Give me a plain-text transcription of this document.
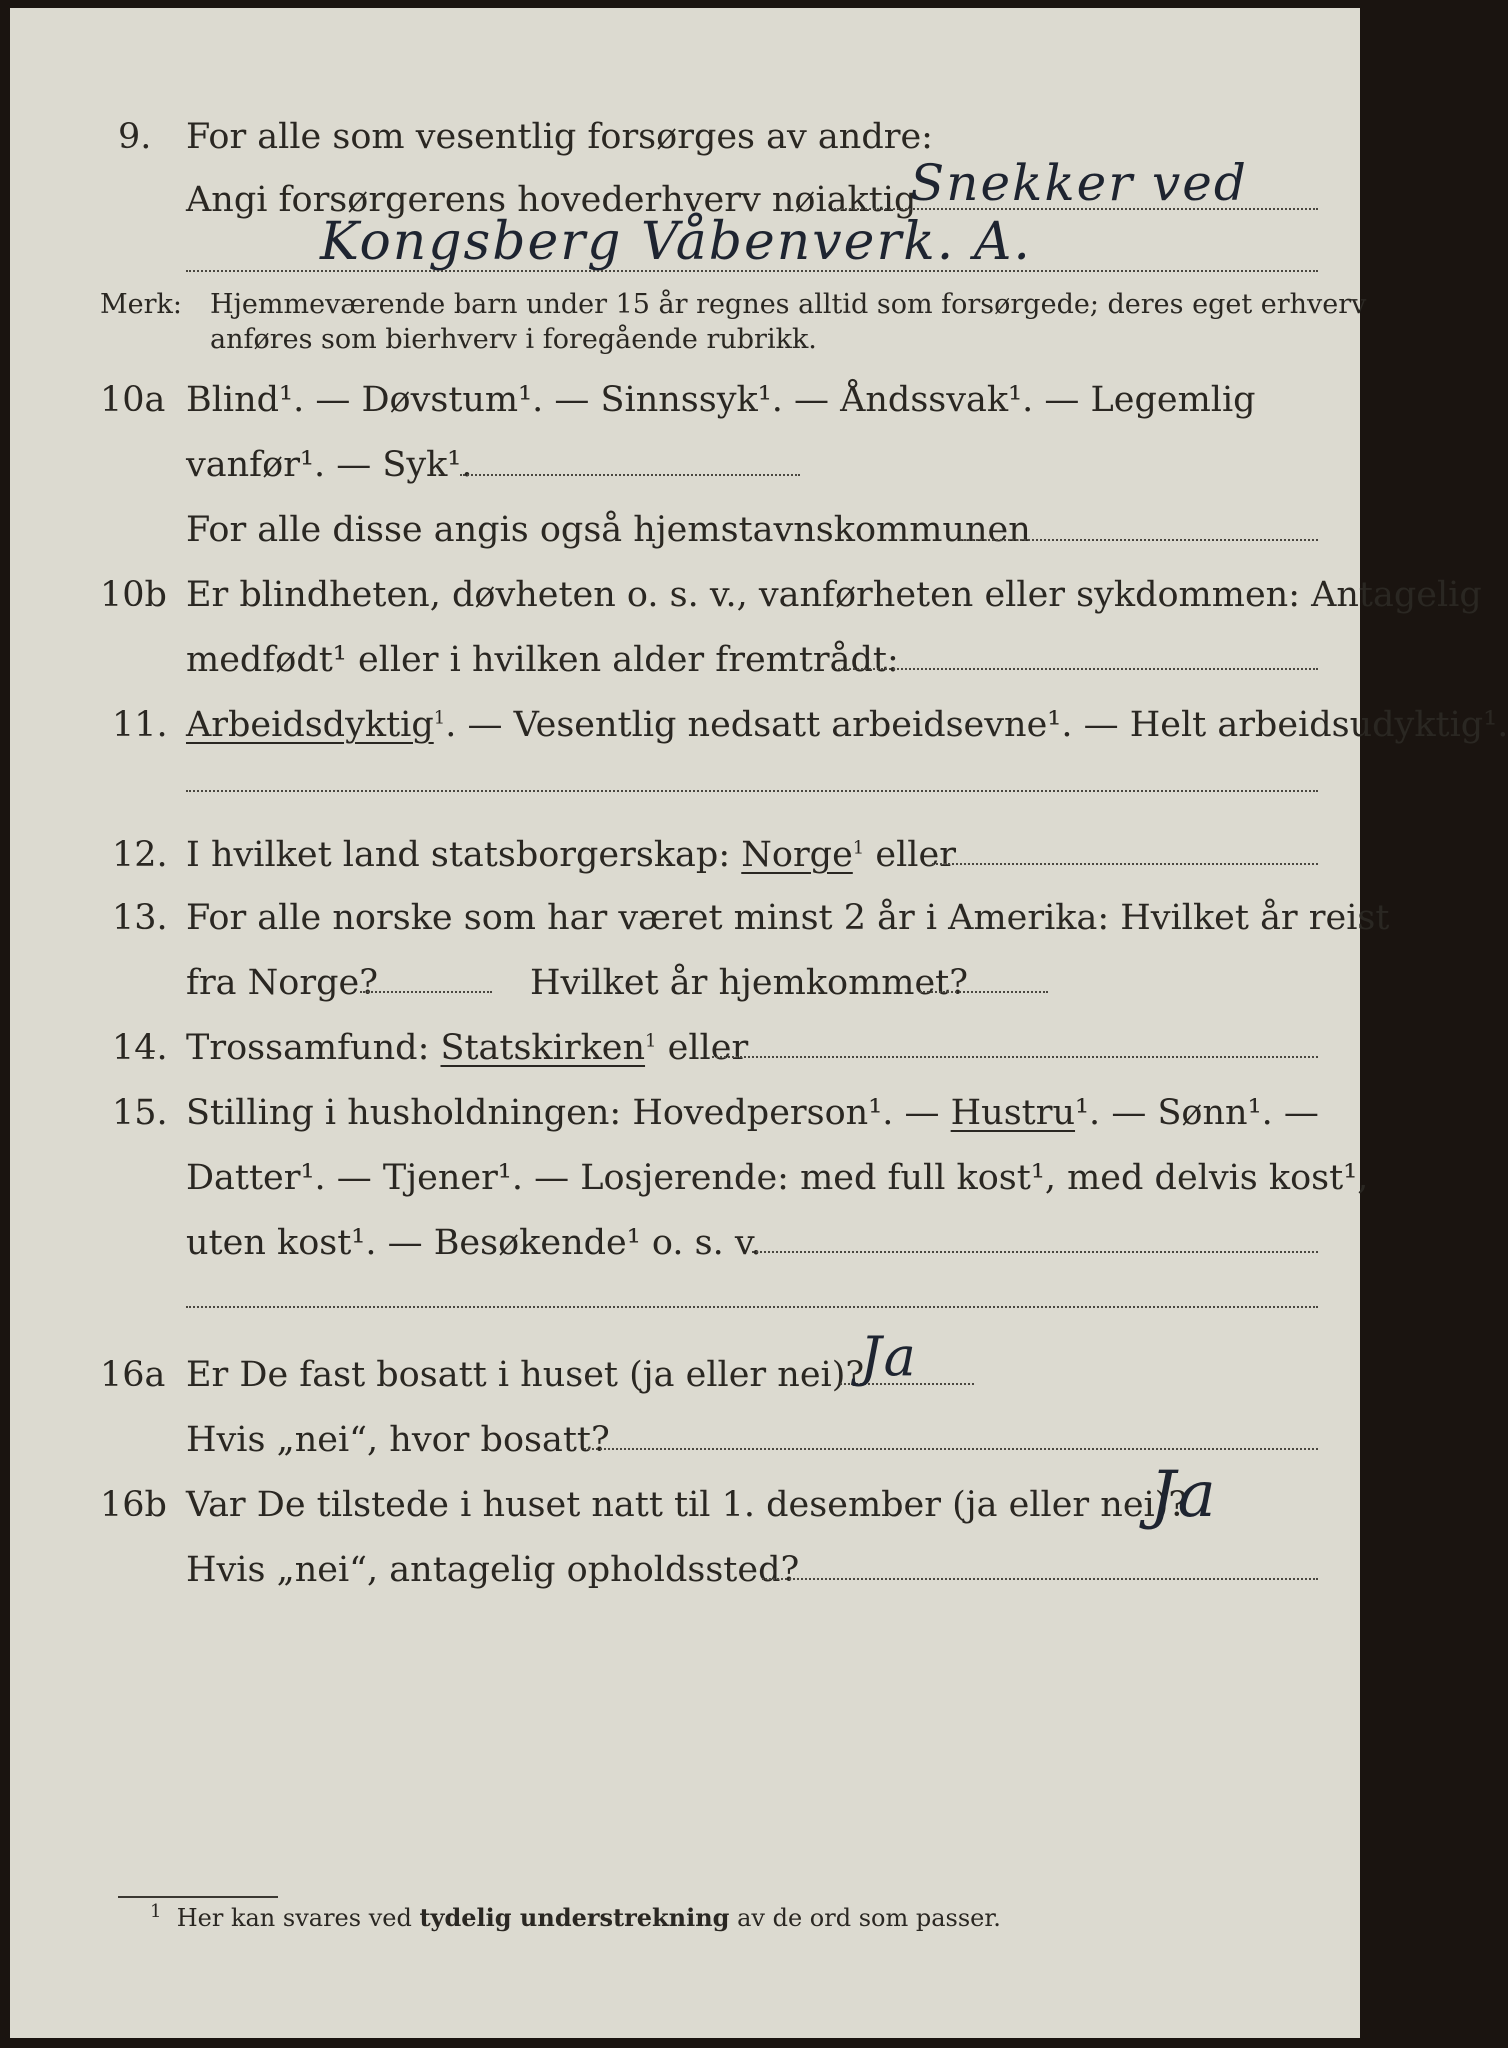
9. For alle som vesentlig forsørges av andre:
Angi forsørgerens hovederhverv nøiaktig
Snekker ved
Kongsberg Våbenverk. A.
Merk: Hjemmeværende barn under 15 år regnes alltid som forsørgede; deres eget erhverv
anføres som bierhverv i foregående rubrikk.
10a Blind¹. — Døvstum¹. — Sinnssyk¹. — Åndssvak¹. — Legemlig
vanfør¹. — Syk¹.
For alle disse angis også hjemstavnskommunen
10b Er blindheten, døvheten o. s. v., vanførheten eller sykdommen: Antagelig
medfødt¹ eller i hvilken alder fremtrådt:
11. Arbeidsdyktig$^1$. — Vesentlig nedsatt arbeidsevne¹. — Helt arbeidsudyktig¹.
12. I hvilket land statsborgerskap: Norge$^1$ eller
13. For alle norske som har været minst 2 år i Amerika: Hvilket år reist
fra Norge?	Hvilket år hjemkommet?
14. Trossamfund: Statskirken$^1$ eller
15. Stilling i husholdningen: Hovedperson¹. — Hustru¹. — Sønn¹. —
Datter¹. — Tjener¹. — Losjerende: med full kost¹, med delvis kost¹,
uten kost¹. — Besøkende¹ o. s. v.
16a Er De fast bosatt i huset (ja eller nei)?
Ja
Hvis „nei“, hvor bosatt?
16b Var De tilstede i huset natt til 1. desember (ja eller nei)?
Ja
Hvis „nei“, antagelig opholdssted?
$^1$ Her kan svares ved tydelig understrekning av de ord som passer.
